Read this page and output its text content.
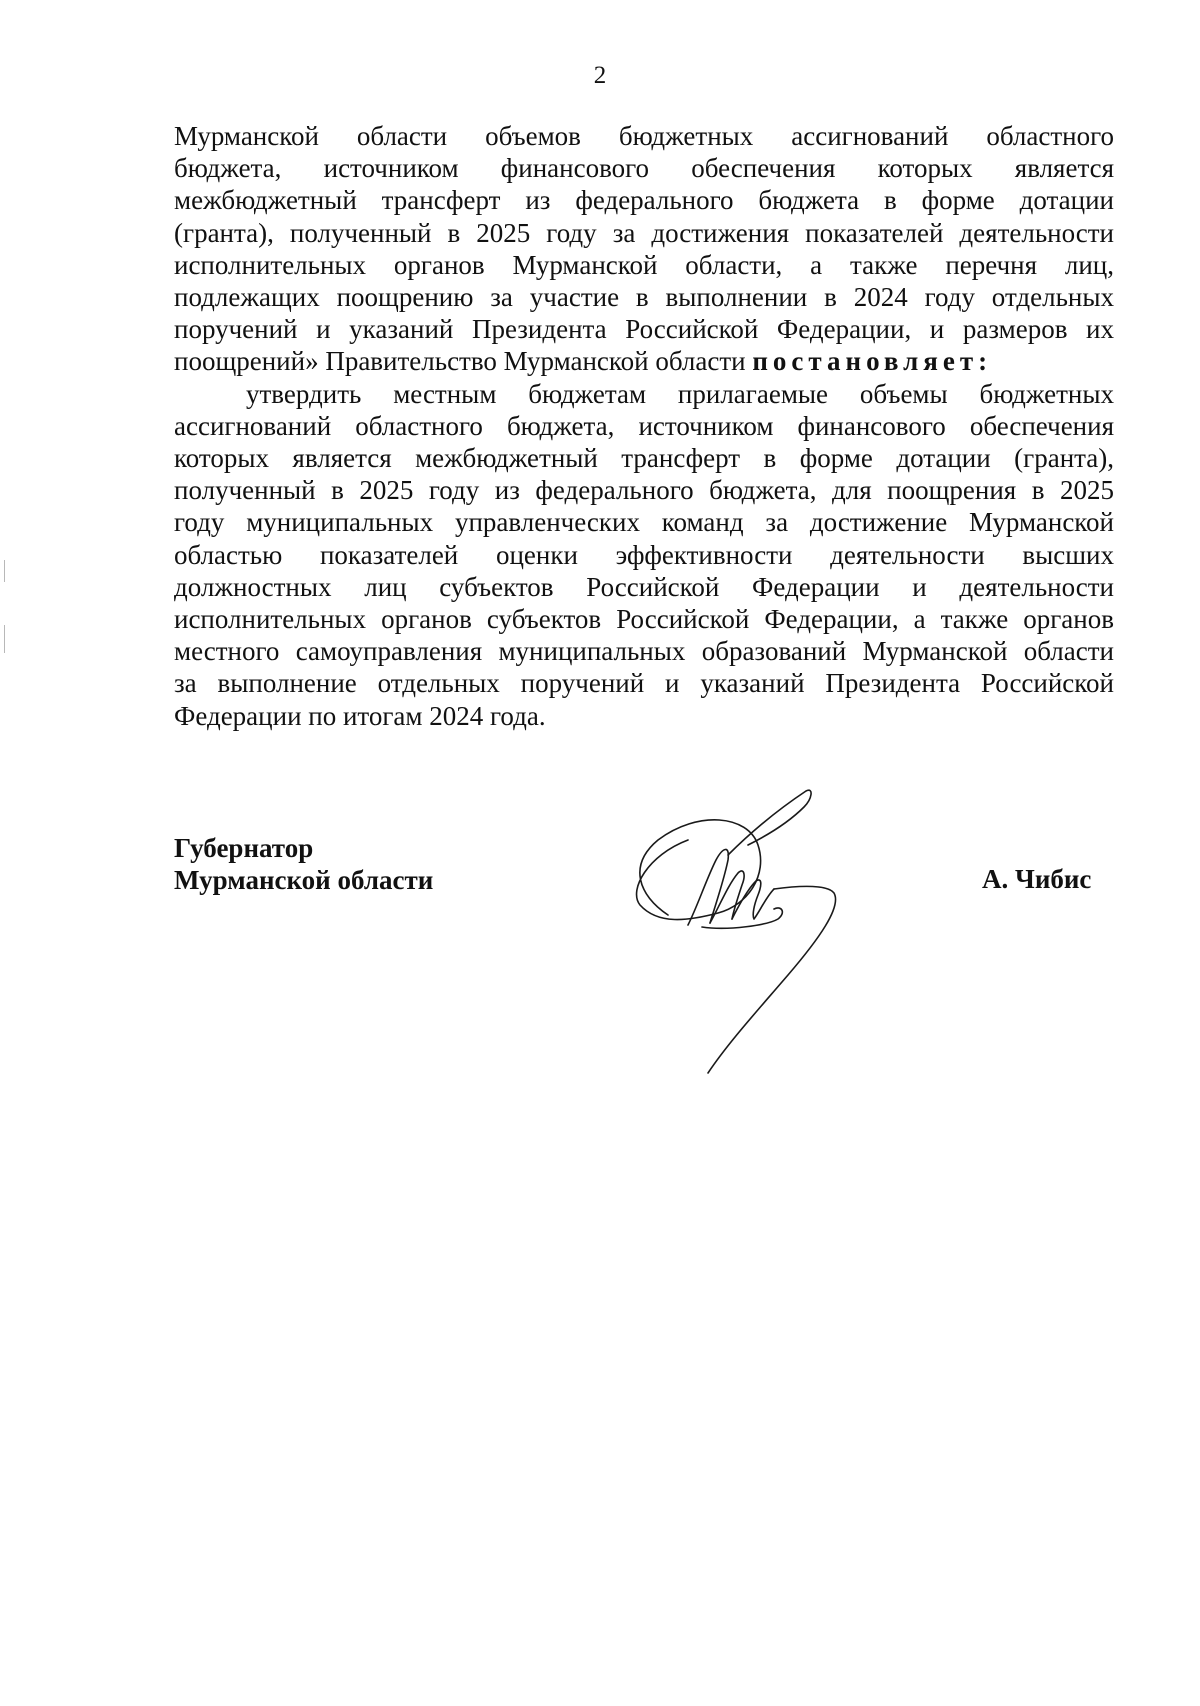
2
Мурманской области объемов бюджетных ассигнований областного
бюджета, источником финансового обеспечения которых является
межбюджетный трансферт из федерального бюджета в форме дотации
(гранта), полученный в 2025 году за достижения показателей деятельности
исполнительных органов Мурманской области, а также перечня лиц,
подлежащих поощрению за участие в выполнении в 2024 году отдельных
поручений и указаний Президента Российской Федерации, и размеров их
поощрений» Правительство Мурманской области постановляет:
утвердить местным бюджетам прилагаемые объемы бюджетных
ассигнований областного бюджета, источником финансового обеспечения
которых является межбюджетный трансферт в форме дотации (гранта),
полученный в 2025 году из федерального бюджета, для поощрения в 2025
году муниципальных управленческих команд за достижение Мурманской
областью показателей оценки эффективности деятельности высших
должностных лиц субъектов Российской Федерации и деятельности
исполнительных органов субъектов Российской Федерации, а также органов
местного самоуправления муниципальных образований Мурманской области
за выполнение отдельных поручений и указаний Президента Российской
Федерации по итогам 2024 года.
Губернатор
Мурманской области	А. Чибис
